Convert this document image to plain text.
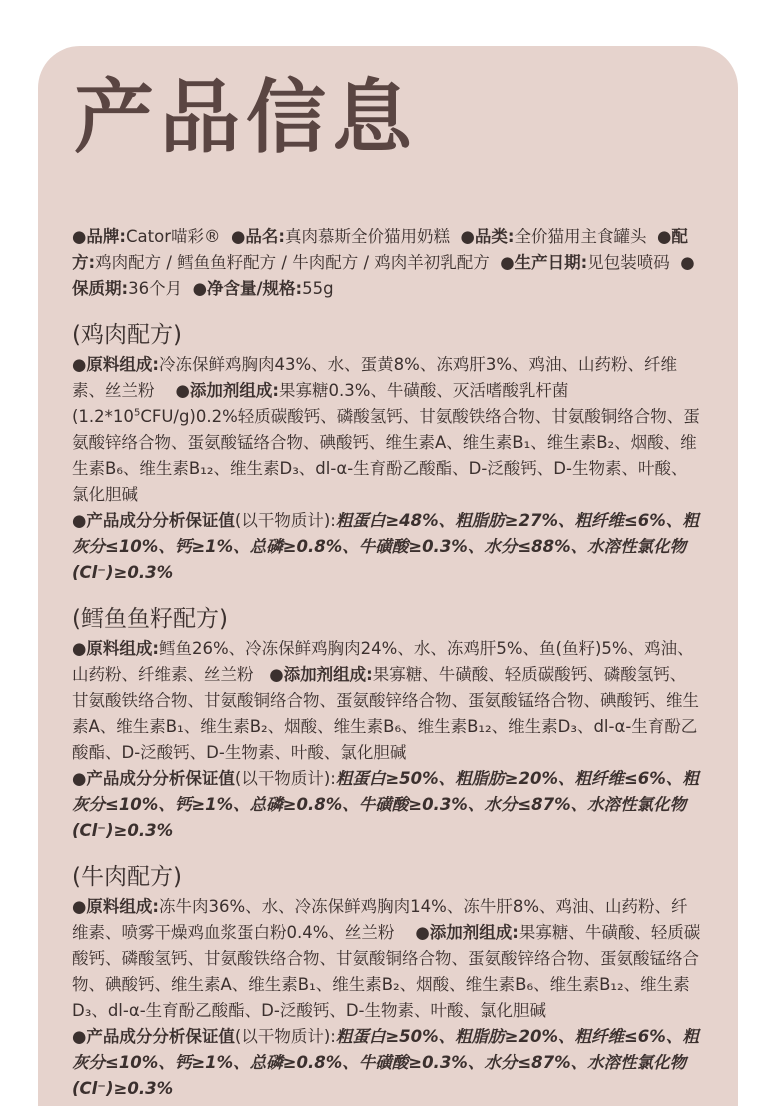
产品信息

●品牌:Cator喵彩® ●品名:真肉慕斯全价猫用奶糕 ●品类:全价猫用主食罐头 ●配方:鸡肉配方 / 鳕鱼鱼籽配方 / 牛肉配方 / 鸡肉羊初乳配方 ●生产日期:见包装喷码 ●保质期:36个月 ●净含量/规格:55g

(鸡肉配方)

●原料组成:冷冻保鲜鸡胸肉43%、水、蛋黄8%、冻鸡肝3%、鸡油、山药粉、纤维素、丝兰粉 ●添加剂组成:果寡糖0.3%、牛磺酸、灭活嗜酸乳杆菌$(1.2*10^5CFU/g)0.2\%$轻质碳酸钙、磷酸氢钙、甘氨酸铁络合物、甘氨酸铜络合物、蛋氨酸锌络合物、蛋氨酸锰络合物、碘酸钙、维生素A、维生素B₁、维生素B₂、烟酸、维生素B₆、维生素B₁₂、维生素D₃、dl-α-生育酚乙酸酯、D-泛酸钙、D-生物素、叶酸、氯化胆碱

●产品成分分析保证值(以干物质计):粗蛋白≥48%、粗脂肪≥27%、粗纤维≤6%、粗灰分≤10%、钙≥1%、总磷≥0.8%、牛磺酸≥0.3%、水分≤88%、水溶性氯化物(Cl⁻)≥0.3%

(鳕鱼鱼籽配方)

●原料组成:鳕鱼26%、冷冻保鲜鸡胸肉24%、水、冻鸡肝5%、鱼(鱼籽)5%、鸡油、山药粉、纤维素、丝兰粉 ●添加剂组成:果寡糖、牛磺酸、轻质碳酸钙、磷酸氢钙、甘氨酸铁络合物、甘氨酸铜络合物、蛋氨酸锌络合物、蛋氨酸锰络合物、碘酸钙、维生素A、维生素B₁、维生素B₂、烟酸、维生素B₆、维生素B₁₂、维生素D₃、dl-α-生育酚乙酸酯、D-泛酸钙、D-生物素、叶酸、氯化胆碱

●产品成分分析保证值(以干物质计):粗蛋白≥50%、粗脂肪≥20%、粗纤维≤6%、粗灰分≤10%、钙≥1%、总磷≥0.8%、牛磺酸≥0.3%、水分≤87%、水溶性氯化物(Cl⁻)≥0.3%

(牛肉配方)

●原料组成:冻牛肉36%、水、冷冻保鲜鸡胸肉14%、冻牛肝8%、鸡油、山药粉、纤维素、喷雾干燥鸡血浆蛋白粉0.4%、丝兰粉 ●添加剂组成:果寡糖、牛磺酸、轻质碳酸钙、磷酸氢钙、甘氨酸铁络合物、甘氨酸铜络合物、蛋氨酸锌络合物、蛋氨酸锰络合物、碘酸钙、维生素A、维生素B₁、维生素B₂、烟酸、维生素B₆、维生素B₁₂、维生素D₃、dl-α-生育酚乙酸酯、D-泛酸钙、D-生物素、叶酸、氯化胆碱

●产品成分分析保证值(以干物质计):粗蛋白≥50%、粗脂肪≥20%、粗纤维≤6%、粗灰分≤10%、钙≥1%、总磷≥0.8%、牛磺酸≥0.3%、水分≤87%、水溶性氯化物(Cl⁻)≥0.3%
